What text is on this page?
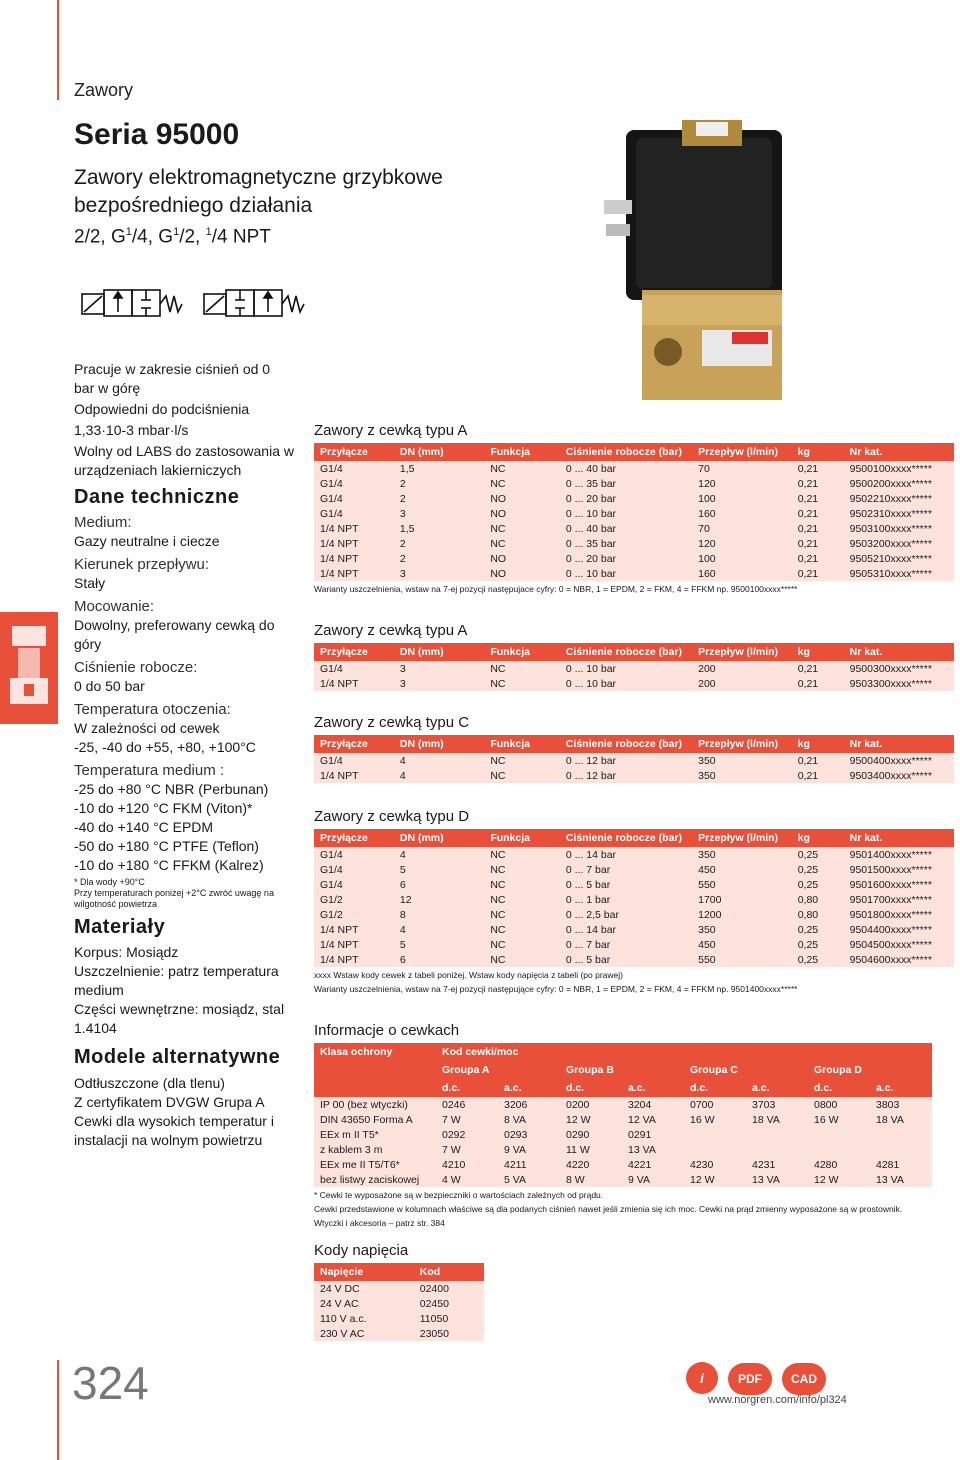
Zawory
Seria 95000
Zawory elektromagnetyczne grzybkowe
bezpośredniego działania
2/2, $G^1/4$, $G^1/2$, $^1$/4 NPT
Pracuje w zakresie ciśnień od 0 bar w górę
Odpowiedni do podciśnienia
1,33·10-3 mbar·l/s
Wolny od LABS do zastosowania w urządzeniach lakierniczych
Dane techniczne
Medium:
Gazy neutralne i ciecze
Kierunek przepływu:
Stały
Mocowanie:
Dowolny, preferowany cewką do góry
Ciśnienie robocze:
0 do 50 bar
Temperatura otoczenia:
W zależności od cewek
-25, -40 do +55, +80, +100°C
Temperatura medium :
-25 do +80 °C NBR (Perbunan)
-10 do +120 °C FKM (Viton)*
-40 do +140 °C EPDM
-50 do +180 °C PTFE (Teflon)
-10 do +180 °C FFKM (Kalrez)
* Dla wody +90°C
Przy temperaturach poniżej +2°C zwróć uwagę na wilgotność powietrza
Materiały
Korpus: Mosiądz
Uszczelnienie: patrz temperatura medium
Części wewnętrzne: mosiądz, stal 1.4104
Modele alternatywne
Odtłuszczone (dla tlenu)
Z certyfikatem DVGW Grupa A
Cewki dla wysokich temperatur i instalacji na wolnym powietrzu
Zawory z cewką typu A
Przyłącze	DN (mm)	Funkcja	Ciśnienie robocze (bar)	Przepływ (l/min)	kg	Nr kat.
G1/4	1,5	NC	0 ... 40 bar	70	0,21	9500100xxxx*****
G1/4	2	NC	0 ... 35 bar	120	0,21	9500200xxxx*****
G1/4	2	NO	0 ... 20 bar	100	0,21	9502210xxxx*****
G1/4	3	NO	0 ... 10 bar	160	0,21	9502310xxxx*****
1/4 NPT	1,5	NC	0 ... 40 bar	70	0,21	9503100xxxx*****
1/4 NPT	2	NC	0 ... 35 bar	120	0,21	9503200xxxx*****
1/4 NPT	2	NO	0 ... 20 bar	100	0,21	9505210xxxx*****
1/4 NPT	3	NO	0 ... 10 bar	160	0,21	9505310xxxx*****
Warianty uszczelnienia, wstaw na 7-ej pozycji następujace cyfry: 0 = NBR, 1 = EPDM, 2 = FKM, 4 = FFKM np. 9500100xxxx*****
Zawory z cewką typu A
Przyłącze	DN (mm)	Funkcja	Ciśnienie robocze (bar)	Przepływ (l/min)	kg	Nr kat.
G1/4	3	NC	0 ... 10 bar	200	0,21	9500300xxxx*****
1/4 NPT	3	NC	0 ... 10 bar	200	0,21	9503300xxxx*****
Zawory z cewką typu C
Przyłącze	DN (mm)	Funkcja	Ciśnienie robocze (bar)	Przepływ (l/min)	kg	Nr kat.
G1/4	4	NC	0 ... 12 bar	350	0,21	9500400xxxx*****
1/4 NPT	4	NC	0 ... 12 bar	350	0,21	9503400xxxx*****
Zawory z cewką typu D
Przyłącze	DN (mm)	Funkcja	Ciśnienie robocze (bar)	Przepływ (l/min)	kg	Nr kat.
G1/4	4	NC	0 ... 14 bar	350	0,25	9501400xxxx*****
G1/4	5	NC	0 ... 7 bar	450	0,25	9501500xxxx*****
G1/4	6	NC	0 ... 5 bar	550	0,25	9501600xxxx*****
G1/2	12	NC	0 ... 1 bar	1700	0,80	9501700xxxx*****
G1/2	8	NC	0 ... 2,5 bar	1200	0,80	9501800xxxx*****
1/4 NPT	4	NC	0 ... 14 bar	350	0,25	9504400xxxx*****
1/4 NPT	5	NC	0 ... 7 bar	450	0,25	9504500xxxx*****
1/4 NPT	6	NC	0 ... 5 bar	550	0,25	9504600xxxx*****
xxxx Wstaw kody cewek z tabeli poniżej. Wstaw kody napięcia z tabeli (po prawej)
Warianty uszczelnienia, wstaw na 7-ej pozycji następujące cyfry: 0 = NBR, 1 = EPDM, 2 = FKM, 4 = FFKM np. 9501400xxxx*****
Informacje o cewkach
Klasa ochrony	Kod cewki/moc							
	Groupa A		Groupa B		Groupa C		Groupa D	
	d.c.	a.c.	d.c.	a.c.	d.c.	a.c.	d.c.	a.c.
IP 00 (bez wtyczki)	0246	3206	0200	3204	0700	3703	0800	3803
DIN 43650 Forma A	7 W	8 VA	12 W	12 VA	16 W	18 VA	16 W	18 VA
EEx m II T5*	0292	0293	0290	0291				
z kablem 3 m	7 W	9 VA	11 W	13 VA				
EEx me II T5/T6*	4210	4211	4220	4221	4230	4231	4280	4281
bez listwy zaciskowej	4 W	5 VA	8 W	9 VA	12 W	13 VA	12 W	13 VA
* Cewki te wyposażone są w bezpieczniki o wartościach zależnych od prądu.
Cewki przedstawione w kolumnach właściwe są dla podanych ciśnień nawet jeśli zmienia się ich moc. Cewki na prąd zmienny wyposażone są w prostownik.
Wtyczki i akcesoria – patrz str. 384
Kody napięcia
Napięcie	Kod
24 V DC	02400
24 V AC	02450
110 V a.c.	11050
230 V AC	23050
324	i	PDF CAD
www.norgren.com/info/pl324
